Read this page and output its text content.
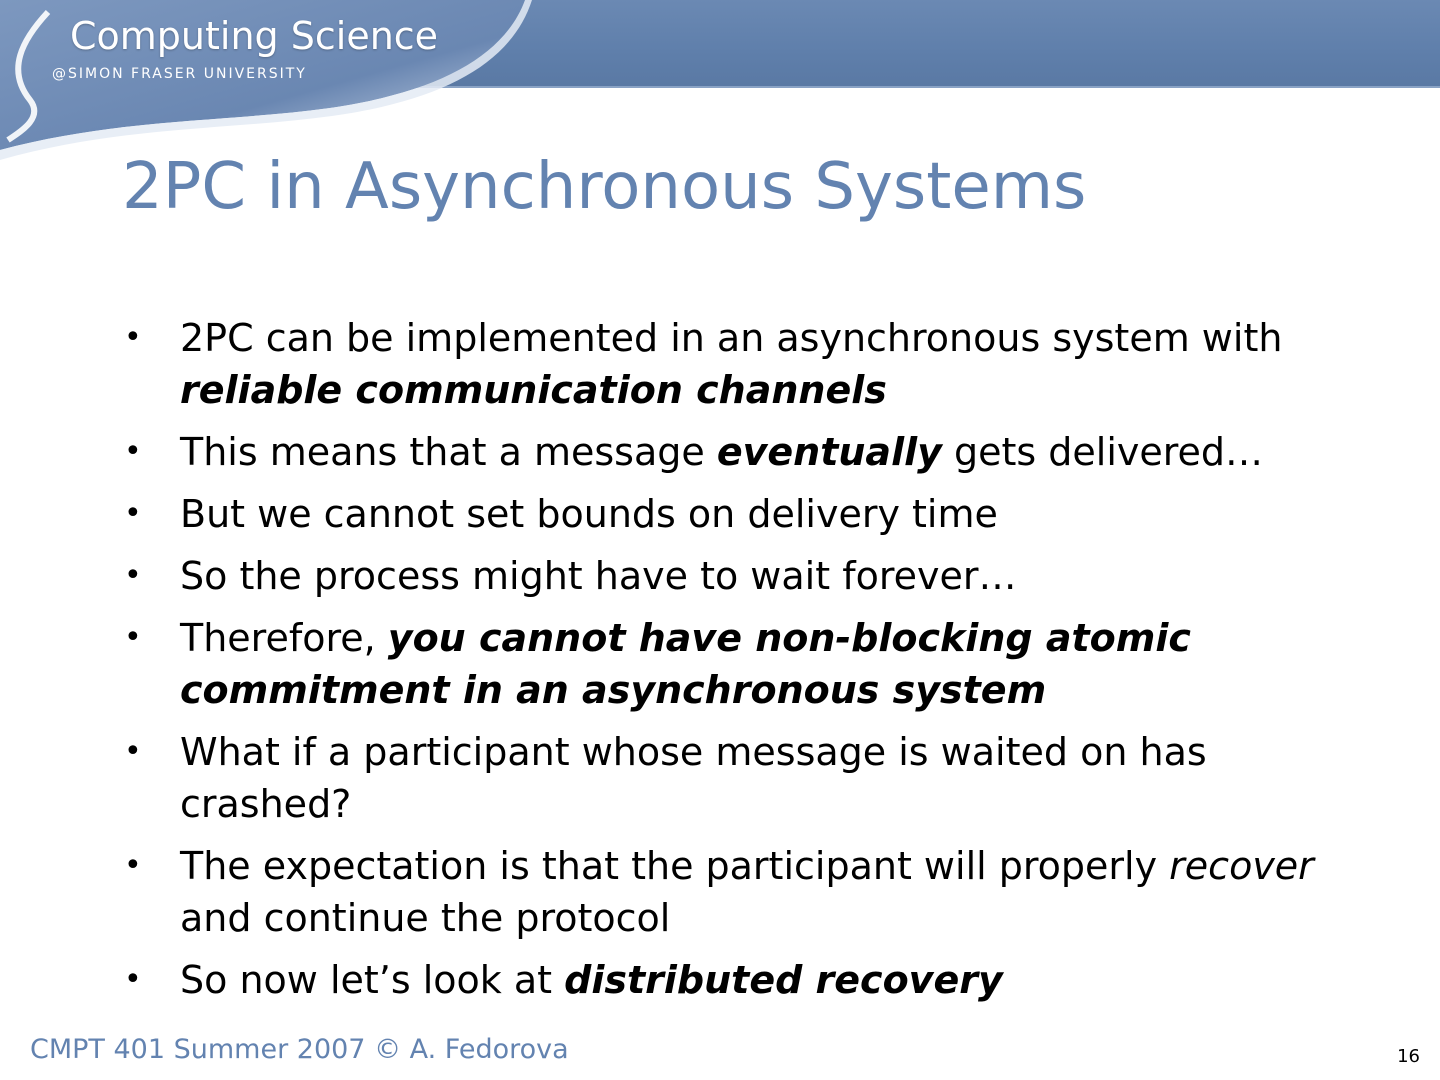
Computing Science
@SIMON FRASER UNIVERSITY
2PC in Asynchronous Systems
• 2PC can be implemented in an asynchronous system with reliable communication channels
• This means that a message eventually gets delivered…
• But we cannot set bounds on delivery time
• So the process might have to wait forever…
• Therefore, you cannot have non-blocking atomic commitment in an asynchronous system
• What if a participant whose message is waited on has crashed?
• The expectation is that the participant will properly recover and continue the protocol
• So now let’s look at distributed recovery
CMPT 401 Summer 2007 © A. Fedorova	16
